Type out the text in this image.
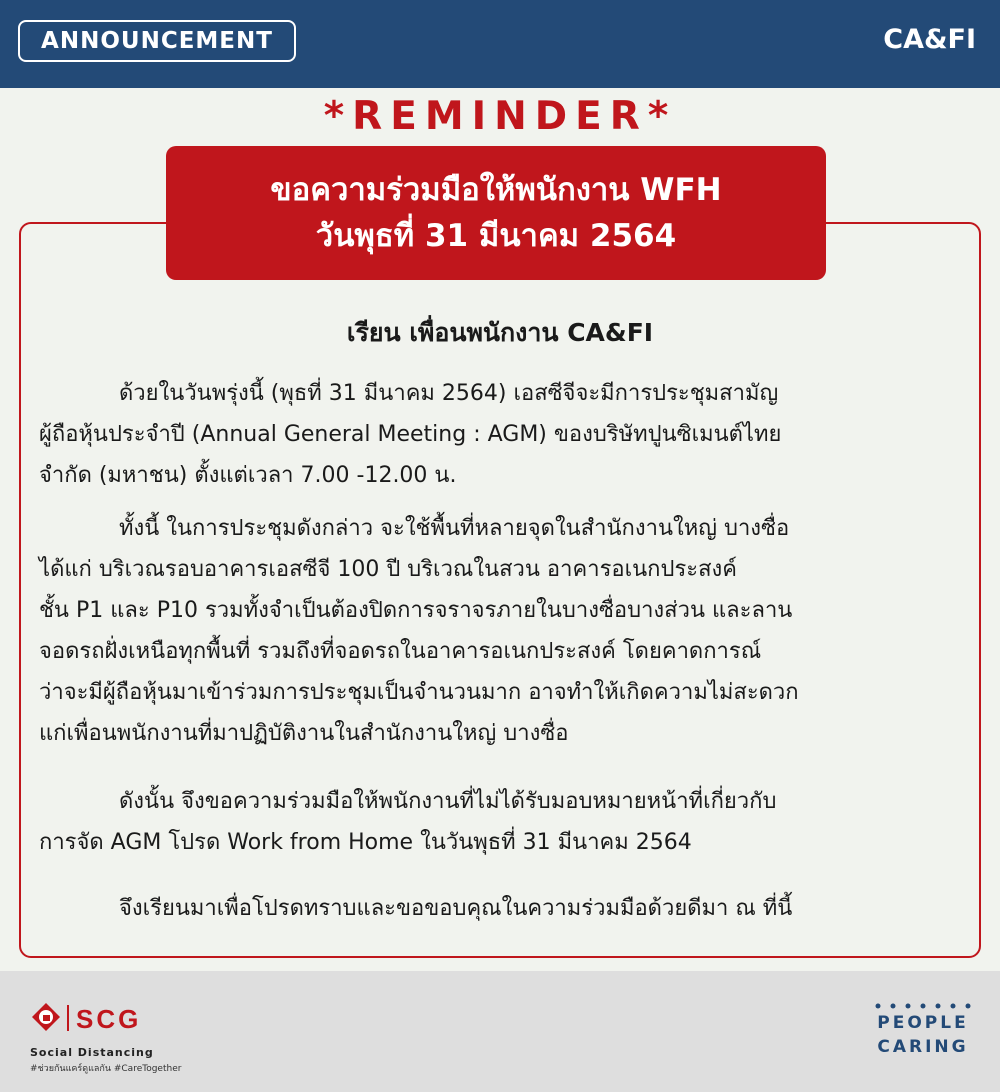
ANNOUNCEMENT	CA&FI
*REMINDER*
ขอความร่วมมือให้พนักงาน WFH
วันพุธที่ 31 มีนาคม 2564
เรียน เพื่อนพนักงาน CA&FI
ด้วยในวันพรุ่งนี้ (พุธที่ 31 มีนาคม 2564) เอสซีจีจะมีการประชุมสามัญ
ผู้ถือหุ้นประจำปี (Annual General Meeting : AGM) ของบริษัทปูนซิเมนต์ไทย
จำกัด (มหาชน) ตั้งแต่เวลา 7.00 -12.00 น.
ทั้งนี้ ในการประชุมดังกล่าว จะใช้พื้นที่หลายจุดในสำนักงานใหญ่ บางซื่อ
ได้แก่ บริเวณรอบอาคารเอสซีจี 100 ปี บริเวณในสวน อาคารอเนกประสงค์
ชั้น P1 และ P10 รวมทั้งจำเป็นต้องปิดการจราจรภายในบางซื่อบางส่วน และลาน
จอดรถฝั่งเหนือทุกพื้นที่ รวมถึงที่จอดรถในอาคารอเนกประสงค์ โดยคาดการณ์
ว่าจะมีผู้ถือหุ้นมาเข้าร่วมการประชุมเป็นจำนวนมาก อาจทำให้เกิดความไม่สะดวก
แก่เพื่อนพนักงานที่มาปฏิบัติงานในสำนักงานใหญ่ บางซื่อ
ดังนั้น จึงขอความร่วมมือให้พนักงานที่ไม่ได้รับมอบหมายหน้าที่เกี่ยวกับ
การจัด AGM โปรด Work from Home ในวันพุธที่ 31 มีนาคม 2564
จึงเรียนมาเพื่อโปรดทราบและขอขอบคุณในความร่วมมือด้วยดีมา ณ ที่นี้
SCG
Social Distancing
#ช่วยกันแคร์ดูแลกัน #CareTogether
PEOPLE
CARING
